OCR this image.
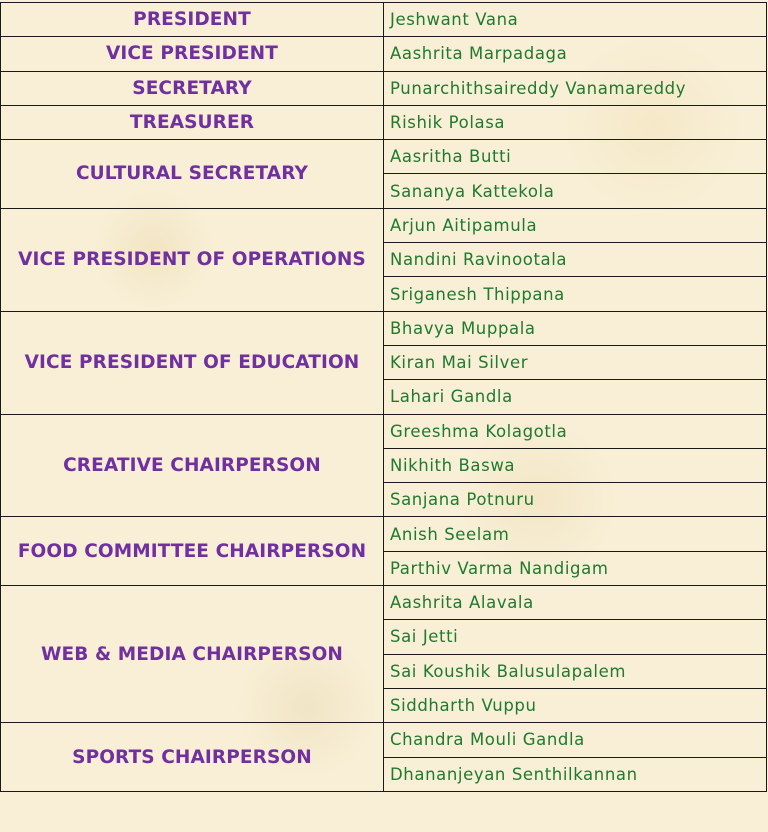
PRESIDENT	Jeshwant Vana
VICE PRESIDENT	Aashrita Marpadaga
SECRETARY	Punarchithsaireddy Vanamareddy
TREASURER	Rishik Polasa
CULTURAL SECRETARY	Aasritha Butti
	Sananya Kattekola
VICE PRESIDENT OF OPERATIONS	Arjun Aitipamula
	Nandini Ravinootala
	Sriganesh Thippana
VICE PRESIDENT OF EDUCATION	Bhavya Muppala
	Kiran Mai Silver
	Lahari Gandla
CREATIVE CHAIRPERSON	Greeshma Kolagotla
	Nikhith Baswa
	Sanjana Potnuru
FOOD COMMITTEE CHAIRPERSON	Anish Seelam
	Parthiv Varma Nandigam
WEB & MEDIA CHAIRPERSON	Aashrita Alavala
	Sai Jetti
	Sai Koushik Balusulapalem
	Siddharth Vuppu
SPORTS CHAIRPERSON	Chandra Mouli Gandla
	Dhananjeyan Senthilkannan
